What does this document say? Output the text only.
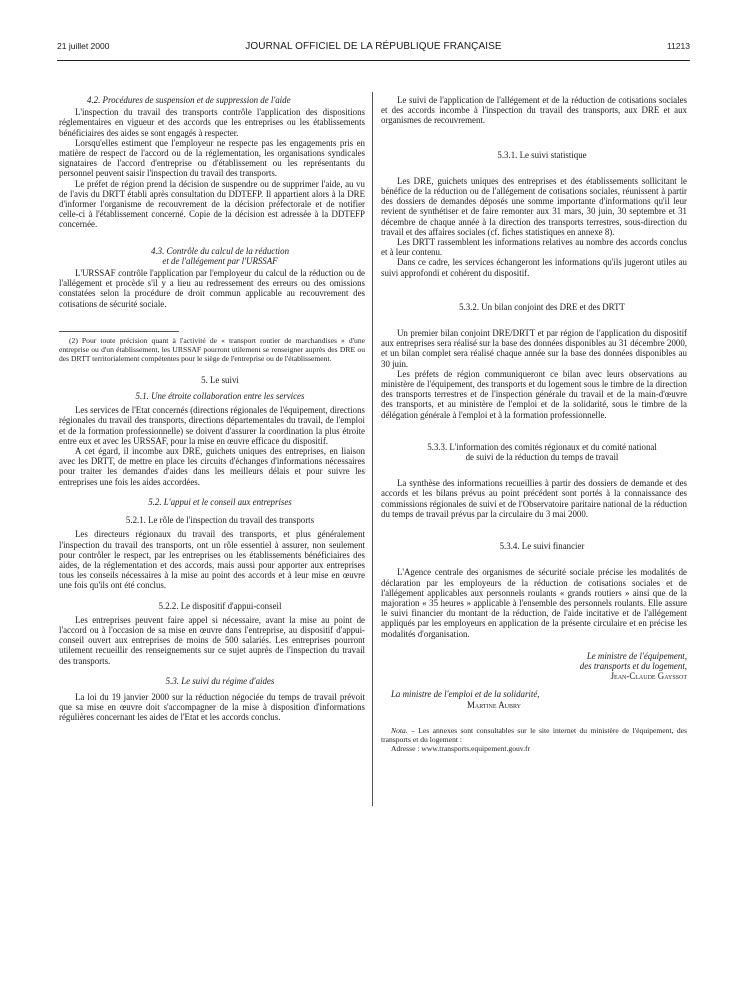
21 juillet 2000	JOURNAL OFFICIEL DE LA RÉPUBLIQUE FRANÇAISE	11213

4.2. Procédures de suspension et de suppression de l'aide

L'inspection du travail des transports contrôle l'application des dispositions réglementaires en vigueur et des accords que les entreprises ou les établissements bénéficiaires des aides se sont engagés à respecter.

Lorsqu'elles estiment que l'employeur ne respecte pas les engagements pris en matière de respect de l'accord ou de la réglementation, les organisations syndicales signataires de l'accord d'entreprise ou d'établissement ou les représentants du personnel peuvent saisir l'inspection du travail des transports.

Le préfet de région prend la décision de suspendre ou de supprimer l'aide, au vu de l'avis du DRTT établi après consultation du DDTEFP. Il appartient alors à la DRE d'informer l'organisme de recouvrement de la décision préfectorale et de notifier celle-ci à l'établissement concerné. Copie de la décision est adressée à la DDTEFP concernée.

4.3. Contrôle du calcul de la réduction

et de l'allégement par l'URSSAF

L'URSSAF contrôle l'application par l'employeur du calcul de la réduction ou de l'allégement et procède s'il y a lieu au redressement des erreurs ou des omissions constatées selon la procédure de droit commun applicable au recouvrement des cotisations de sécurité sociale.

(2) Pour toute précision quant à l'activité de « transport routier de marchandises » d'une entreprise ou d'un établissement, les URSSAF pourront utilement se renseigner auprès des DRE ou des DRTT territorialement compétentes pour le siège de l'entreprise ou de l'établissement.

5. Le suivi

5.1. Une étroite collaboration entre les services

Les services de l'Etat concernés (directions régionales de l'équipement, directions régionales du travail des transports, directions départementales du travail, de l'emploi et de la formation professionnelle) se doivent d'assurer la coordination la plus étroite entre eux et avec les URSSAF, pour la mise en œuvre efficace du dispositif.

A cet égard, il incombe aux DRE, guichets uniques des entreprises, en liaison avec les DRTT, de mettre en place les circuits d'échanges d'informations nécessaires pour traiter les demandes d'aides dans les meilleurs délais et pour suivre les entreprises une fois les aides accordées.

5.2. L'appui et le conseil aux entreprises

5.2.1. Le rôle de l'inspection du travail des transports

Les directeurs régionaux du travail des transports, et plus généralement l'inspection du travail des transports, ont un rôle essentiel à assurer, non seulement pour contrôler le respect, par les entreprises ou les établissements bénéficiaires des aides, de la réglementation et des accords, mais aussi pour apporter aux entreprises tous les conseils nécessaires à la mise au point des accords et à leur mise en œuvre une fois qu'ils ont été conclus.

5.2.2. Le dispositif d'appui-conseil

Les entreprises peuvent faire appel si nécessaire, avant la mise au point de l'accord ou à l'occasion de sa mise en œuvre dans l'entreprise, au dispositif d'appui-conseil ouvert aux entreprises de moins de 500 salariés. Les entreprises pourront utilement recueillir des renseignements sur ce sujet auprès de l'inspection du travail des transports.

5.3. Le suivi du régime d'aides

La loi du 19 janvier 2000 sur la réduction négociée du temps de travail prévoit que sa mise en œuvre doit s'accompagner de la mise à disposition d'informations régulières concernant les aides de l'Etat et les accords conclus.

Le suivi de l'application de l'allégement et de la réduction de cotisations sociales et des accords incombe à l'inspection du travail des transports, aux DRE et aux organismes de recouvrement.

5.3.1. Le suivi statistique

Les DRE, guichets uniques des entreprises et des établissements sollicitant le bénéfice de la réduction ou de l'allégement de cotisations sociales, réunissent à partir des dossiers de demandes déposés une somme importante d'informations qu'il leur revient de synthétiser et de faire remonter aux 31 mars, 30 juin, 30 septembre et 31 décembre de chaque année à la direction des transports terrestres, sous-direction du travail et des affaires sociales (cf. fiches statistiques en annexe 8).

Les DRTT rassemblent les informations relatives au nombre des accords conclus et à leur contenu.

Dans ce cadre, les services échangeront les informations qu'ils jugeront utiles au suivi approfondi et cohérent du dispositif.

5.3.2. Un bilan conjoint des DRE et des DRTT

Un premier bilan conjoint DRE/DRTT et par région de l'application du dispositif aux entreprises sera réalisé sur la base des données disponibles au 31 décembre 2000, et un bilan complet sera réalisé chaque année sur la base des données disponibles au 30 juin.

Les préfets de région communiqueront ce bilan avec leurs observations au ministère de l'équipement, des transports et du logement sous le timbre de la direction des transports terrestres et de l'inspection générale du travail et de la main-d'œuvre des transports, et au ministère de l'emploi et de la solidarité, sous le timbre de la délégation générale à l'emploi et à la formation professionnelle.

5.3.3. L'information des comités régionaux et du comité national

de suivi de la réduction du temps de travail

La synthèse des informations recueillies à partir des dossiers de demande et des accords et les bilans prévus au point précédent sont portés à la connaissance des commissions régionales de suivi et de l'Observatoire paritaire national de la réduction du temps de travail prévus par la circulaire du 3 mai 2000.

5.3.4. Le suivi financier

L'Agence centrale des organismes de sécurité sociale précise les modalités de déclaration par les employeurs de la réduction de cotisations sociales et de l'allégement applicables aux personnels roulants « grands routiers » ainsi que de la majoration « 35 heures » applicable à l'ensemble des personnels roulants. Elle assure le suivi financier du montant de la réduction, de l'aide incitative et de l'allégement appliqués par les employeurs en application de la présente circulaire et en précise les modalités d'organisation.

Le ministre de l'équipement,

des transports et du logement,

Jean-Claude Gayssot

La ministre de l'emploi et de la solidarité,

Martine Aubry

Nota. – Les annexes sont consultables sur le site internet du ministère de l'équipement, des transports et du logement :

Adresse : www.transports.equipement.gouv.fr
